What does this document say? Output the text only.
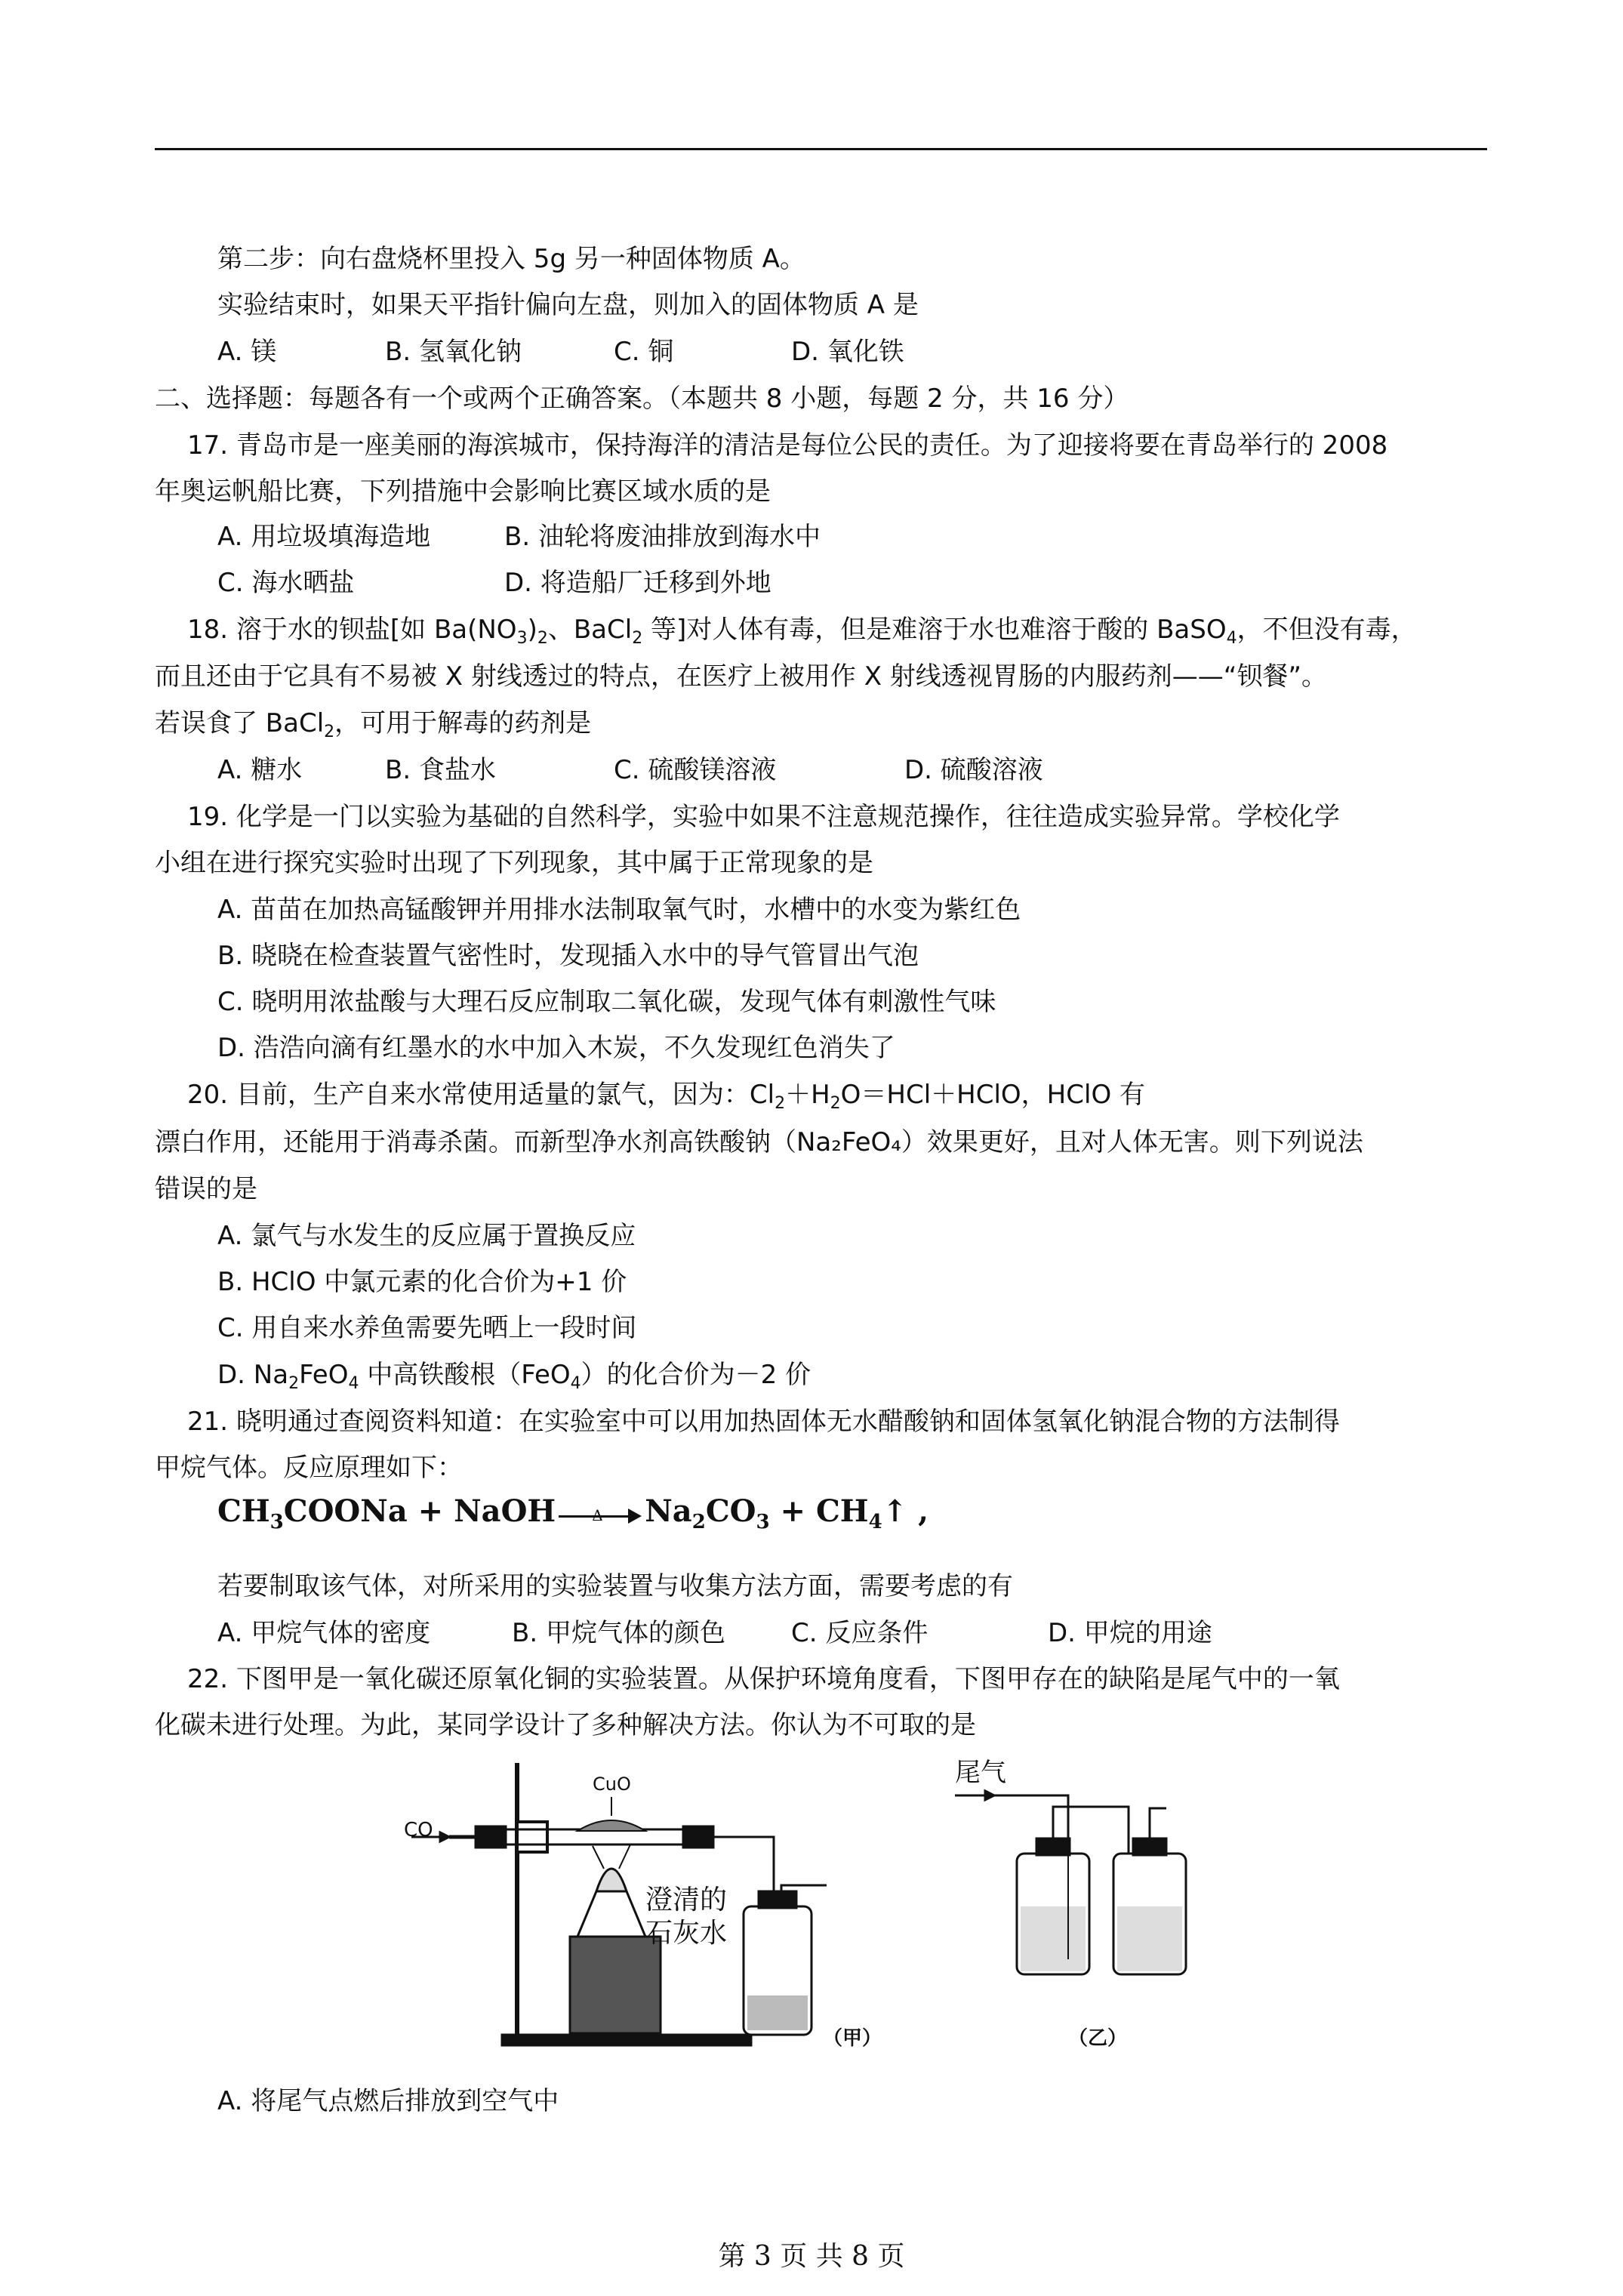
第二步：向右盘烧杯里投入 5g 另一种固体物质 A。
实验结束时，如果天平指针偏向左盘，则加入的固体物质 A 是
A. 镁	B. 氢氧化钠	C. 铜	D. 氧化铁
二、选择题：每题各有一个或两个正确答案。（本题共 8 小题，每题 2 分，共 16 分）
17. 青岛市是一座美丽的海滨城市，保持海洋的清洁是每位公民的责任。为了迎接将要在青岛举行的 2008
年奥运帆船比赛，下列措施中会影响比赛区域水质的是
A. 用垃圾填海造地	B. 油轮将废油排放到海水中
C. 海水晒盐	D. 将造船厂迁移到外地
18. 溶于水的钡盐[如 $Ba(NO_3)_2$、BaCl$_2$ 等]对人体有毒，但是难溶于水也难溶于酸的 BaSO$_4$，不但没有毒，
而且还由于它具有不易被 X 射线透过的特点，在医疗上被用作 X 射线透视胃肠的内服药剂——“钡餐”。
若误食了 BaCl$_2$，可用于解毒的药剂是
A. 糖水	B. 食盐水	C. 硫酸镁溶液	D. 硫酸溶液
19. 化学是一门以实验为基础的自然科学，实验中如果不注意规范操作，往往造成实验异常。学校化学
小组在进行探究实验时出现了下列现象，其中属于正常现象的是
A. 苗苗在加热高锰酸钾并用排水法制取氧气时，水槽中的水变为紫红色
B. 晓晓在检查装置气密性时，发现插入水中的导气管冒出气泡
C. 晓明用浓盐酸与大理石反应制取二氧化碳，发现气体有刺激性气味
D. 浩浩向滴有红墨水的水中加入木炭，不久发现红色消失了
20. 目前，生产自来水常使用适量的氯气，因为：$Cl_2+H_2O=HCl+HClO$，HClO 有
漂白作用，还能用于消毒杀菌。而新型净水剂高铁酸钠（Na₂FeO₄）效果更好，且对人体无害。则下列说法
错误的是
A. 氯气与水发生的反应属于置换反应
B. HClO 中氯元素的化合价为+1 价
C. 用自来水养鱼需要先晒上一段时间
D. $Na_2FeO_4$ 中高铁酸根（FeO$_4$）的化合价为－2 价
21. 晓明通过查阅资料知道：在实验室中可以用加热固体无水醋酸钠和固体氢氧化钠混合物的方法制得
甲烷气体。反应原理如下：
$CH_3COONa$ + NaOH	$Na_2CO_3$ + $CH_4↑$ ,
若要制取该气体，对所采用的实验装置与收集方法方面，需要考虑的有
A. 甲烷气体的密度	B. 甲烷气体的颜色	C. 反应条件	D. 甲烷的用途
22. 下图甲是一氧化碳还原氧化铜的实验装置。从保护环境角度看，下图甲存在的缺陷是尾气中的一氧
化碳未进行处理。为此，某同学设计了多种解决方法。你认为不可取的是
CO
CuO
澄清的
石灰水
（甲）
尾气
（乙）
A. 将尾气点燃后排放到空气中
第 3 页 共 8 页
